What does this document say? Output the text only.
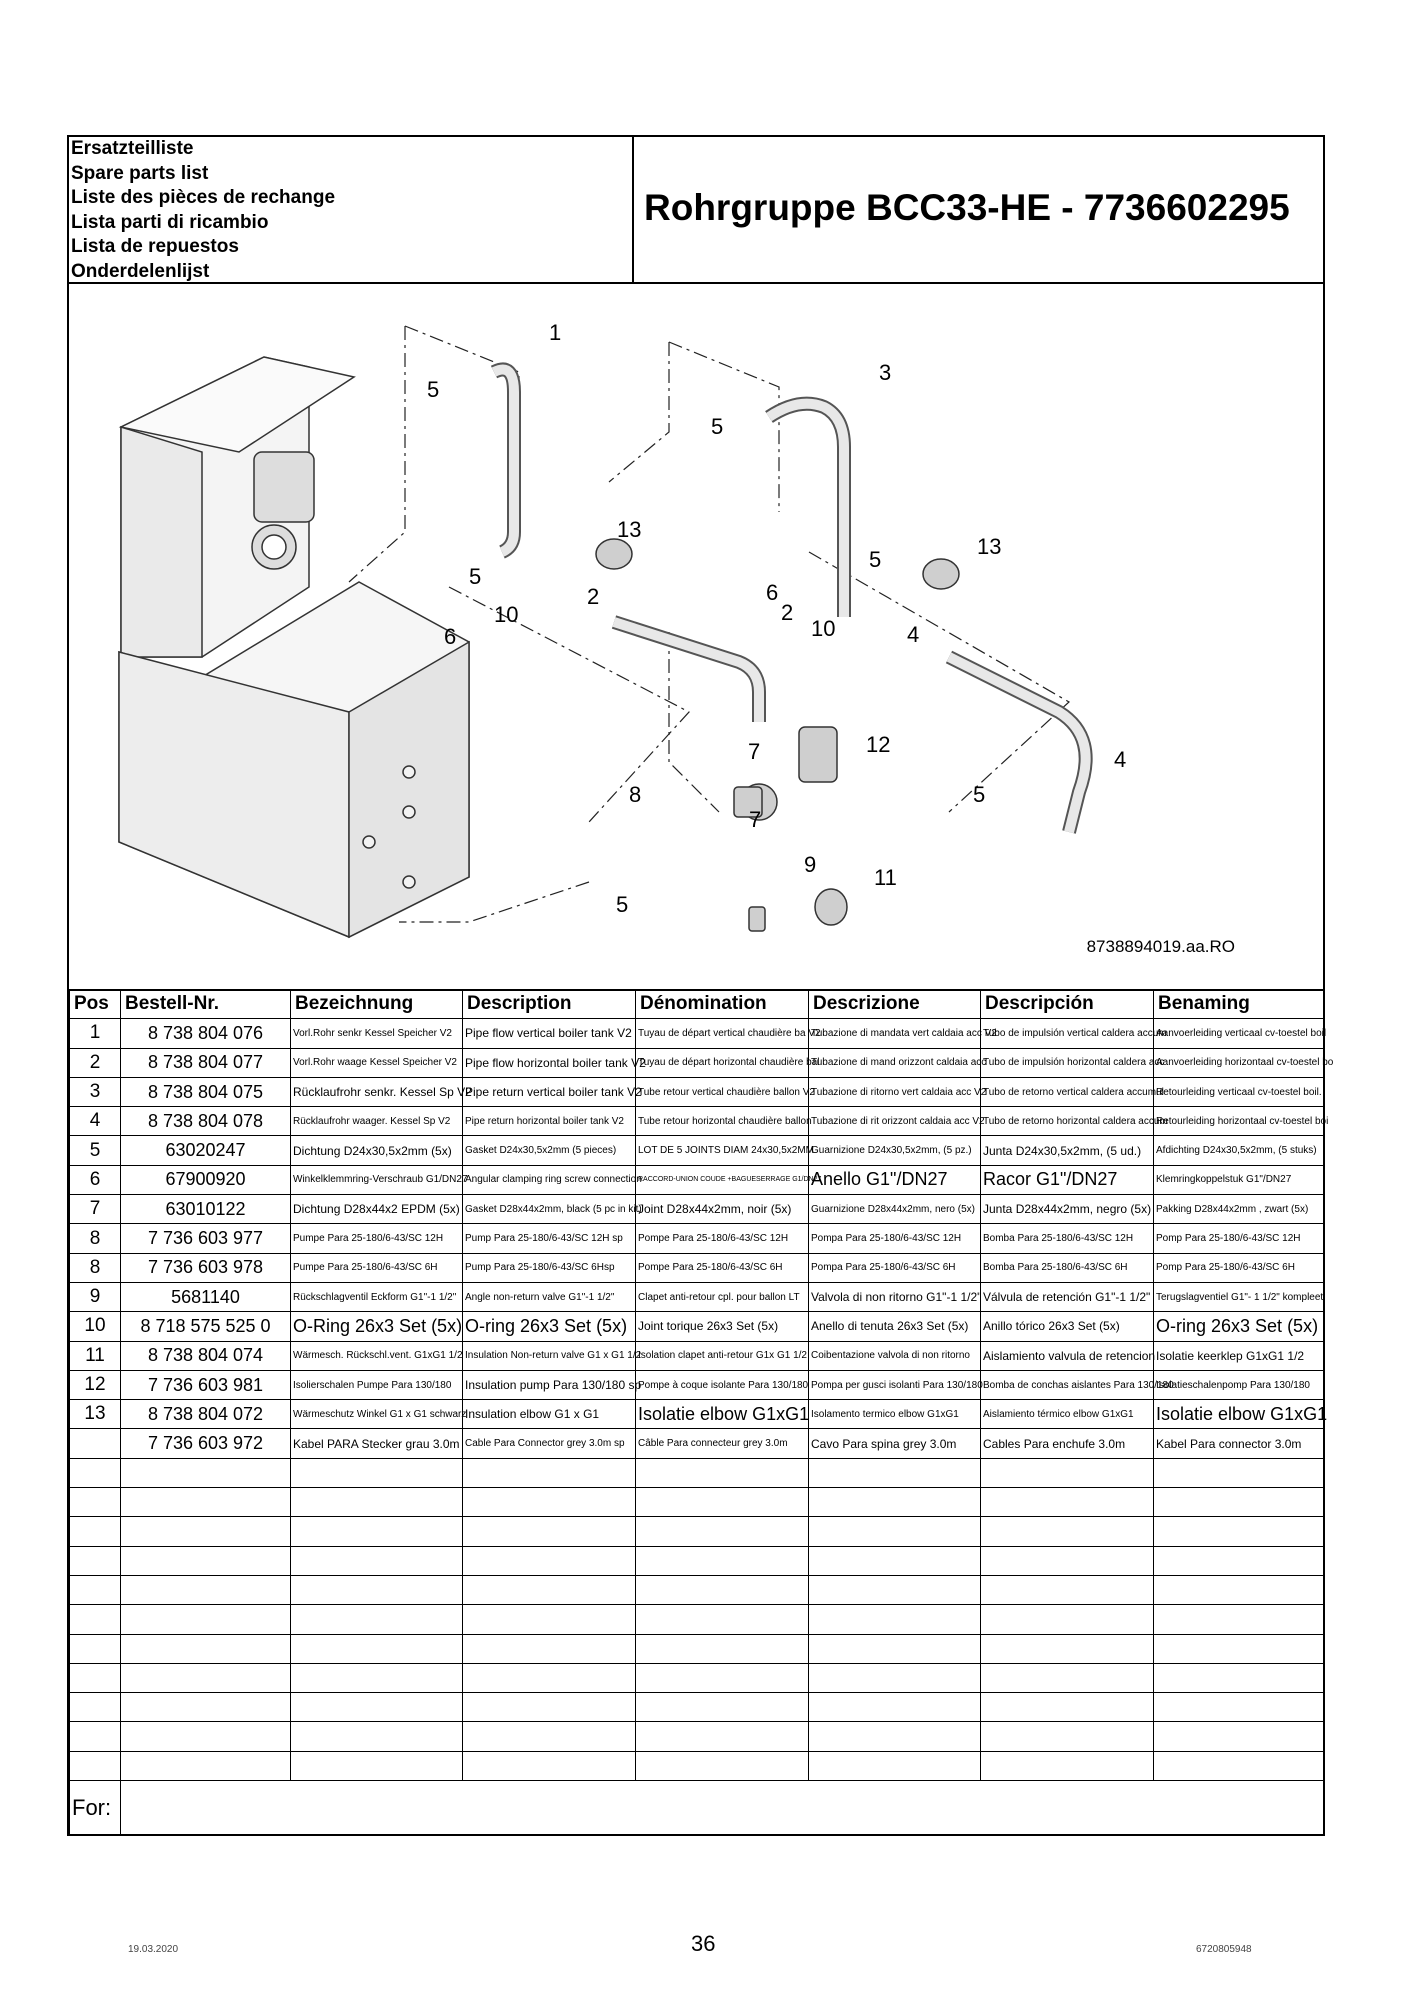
Ersatzteilliste
Spare parts list
Liste des pièces de rechange
Lista parti di ricambio
Lista de repuestos
Onderdelenlijst
Rohrgruppe BCC33-HE - 7736602295
1
2
2
3
4
4
5
5
5
5
5
5
6
6
7
7
8
9
10
10
11
12
13
13
8738894019.aa.RO
Pos	Bestell-Nr.	Bezeichnung	Description	Dénomination	Descrizione	Descripción	Benaming
1	8 738 804 076	Vorl.Rohr senkr Kessel Speicher V2	Pipe flow vertical boiler tank V2	Tuyau de départ vertical chaudière ba V2	Tubazione di mandata vert caldaia acc V2	Tubo de impulsión vertical caldera accum	Aanvoerleiding verticaal cv-toestel boil
2	8 738 804 077	Vorl.Rohr waage Kessel Speicher V2	Pipe flow horizontal boiler tank V2	Tuyau de départ horizontal chaudière bal	Tubazione di mand orizzont caldaia acc	Tubo de impulsión horizontal caldera acc	Aanvoerleiding horizontaal cv-toestel bo
3	8 738 804 075	Rücklaufrohr senkr. Kessel Sp V2	Pipe return vertical boiler tank V2	Tube retour vertical chaudière ballon V2	Tubazione di ritorno vert caldaia acc V2	Tubo de retorno vertical caldera accumul	Retourleiding verticaal cv-toestel boil.
4	8 738 804 078	Rücklaufrohr waager. Kessel Sp V2	Pipe return horizontal boiler tank V2	Tube retour horizontal chaudière ballon	Tubazione di rit orizzont caldaia acc V2	Tubo de retorno horizontal caldera accum	Retourleiding horizontaal cv-toestel boi
5	63020247	Dichtung D24x30,5x2mm (5x)	Gasket D24x30,5x2mm (5 pieces)	LOT DE 5 JOINTS DIAM 24x30,5x2MM	Guarnizione D24x30,5x2mm, (5 pz.)	Junta D24x30,5x2mm, (5 ud.)	Afdichting D24x30,5x2mm, (5 stuks)
6	67900920	Winkelklemmring-Verschraub G1/DN27	Angular clamping ring screw connection	RACCORD-UNION COUDE +BAGUESERRAGE G1/DN27	Anello G1"/DN27	Racor G1"/DN27	Klemringkoppelstuk G1"/DN27
7	63010122	Dichtung D28x44x2 EPDM (5x)	Gasket D28x44x2mm, black (5 pc in kit)	Joint D28x44x2mm, noir (5x)	Guarnizione D28x44x2mm, nero (5x)	Junta D28x44x2mm, negro (5x)	Pakking D28x44x2mm , zwart (5x)
8	7 736 603 977	Pumpe Para 25-180/6-43/SC 12H	Pump Para 25-180/6-43/SC 12H sp	Pompe Para 25-180/6-43/SC 12H	Pompa Para 25-180/6-43/SC 12H	Bomba Para 25-180/6-43/SC 12H	Pomp Para 25-180/6-43/SC 12H
8	7 736 603 978	Pumpe Para 25-180/6-43/SC 6H	Pump Para 25-180/6-43/SC 6Hsp	Pompe Para 25-180/6-43/SC 6H	Pompa Para 25-180/6-43/SC 6H	Bomba Para 25-180/6-43/SC 6H	Pomp Para 25-180/6-43/SC 6H
9	5681140	Rückschlagventil Eckform G1"-1 1/2"	Angle non-return valve G1"-1 1/2"	Clapet anti-retour cpl. pour ballon LT	Valvola di non ritorno G1"-1 1/2"	Válvula de retención G1"-1 1/2"	Terugslagventiel G1"- 1 1/2" kompleet
10	8 718 575 525 0	O-Ring 26x3 Set (5x)	O-ring 26x3 Set (5x)	Joint torique 26x3 Set (5x)	Anello di tenuta 26x3 Set (5x)	Anillo tórico 26x3 Set (5x)	O-ring 26x3 Set (5x)
11	8 738 804 074	Wärmesch. Rückschl.vent. G1xG1 1/2	Insulation Non-return valve G1 x G1 1/2	Isolation clapet anti-retour G1x G1 1/2	Coibentazione valvola di non ritorno	Aislamiento valvula de retencion	Isolatie keerklep G1xG1 1/2
12	7 736 603 981	Isolierschalen Pumpe Para 130/180	Insulation pump Para 130/180 sp	Pompe à coque isolante Para 130/180	Pompa per gusci isolanti Para 130/180	Bomba de conchas aislantes Para 130/180	Isolatieschalenpomp Para 130/180
13	8 738 804 072	Wärmeschutz Winkel G1 x G1 schwarz	Insulation elbow G1 x G1	Isolatie elbow G1xG1	Isolamento termico elbow G1xG1	Aislamiento térmico elbow G1xG1	Isolatie elbow G1xG1
	7 736 603 972	Kabel PARA Stecker grau 3.0m	Cable Para Connector grey 3.0m sp	Câble Para connecteur grey 3.0m	Cavo Para spina grey 3.0m	Cables Para enchufe 3.0m	Kabel Para connector 3.0m

For:							
19.03.2020	36	6720805948
